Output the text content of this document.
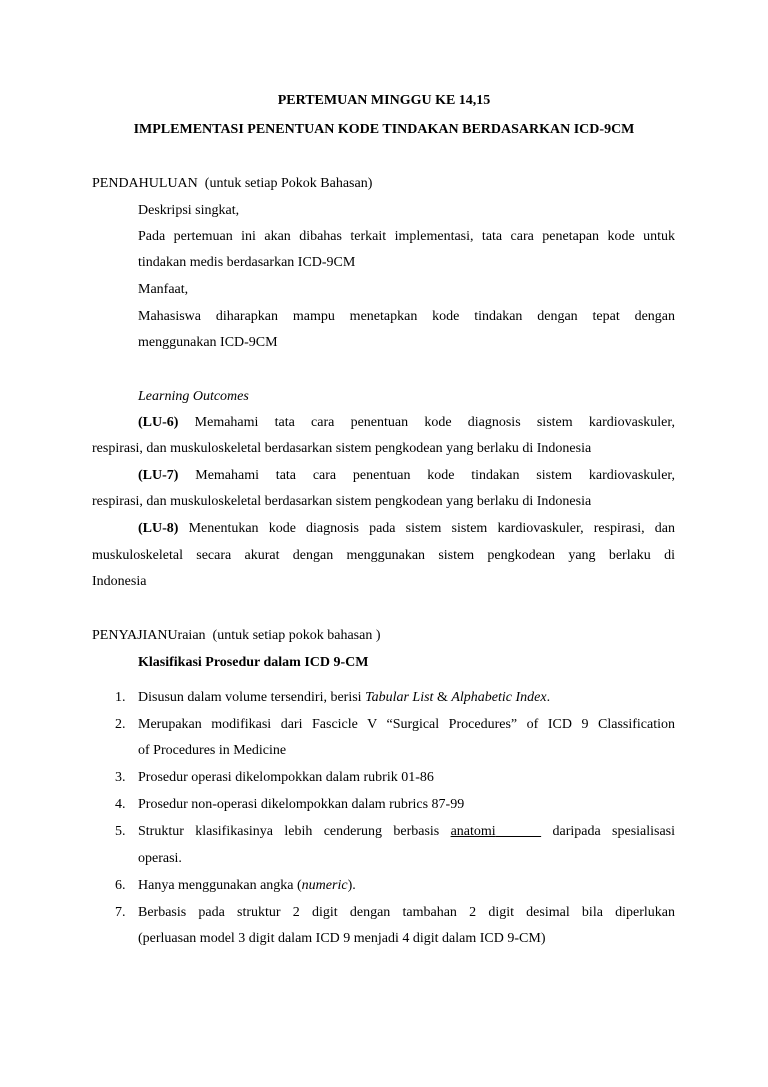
PERTEMUAN MINGGU KE 14,15
IMPLEMENTASI PENENTUAN KODE TINDAKAN BERDASARKAN ICD-9CM
PENDAHULUAN (untuk setiap Pokok Bahasan)
Deskripsi singkat,
Pada pertemuan ini akan dibahas terkait implementasi, tata cara penetapan kode untuk
tindakan medis berdasarkan ICD-9CM
Manfaat,
Mahasiswa diharapkan mampu menetapkan kode tindakan dengan tepat dengan
menggunakan ICD-9CM
Learning Outcomes
(LU-6) Memahami tata cara penentuan kode diagnosis sistem kardiovaskuler,
respirasi, dan muskuloskeletal berdasarkan sistem pengkodean yang berlaku di Indonesia
(LU-7) Memahami tata cara penentuan kode tindakan sistem kardiovaskuler,
respirasi, dan muskuloskeletal berdasarkan sistem pengkodean yang berlaku di Indonesia
(LU-8) Menentukan kode diagnosis pada sistem sistem kardiovaskuler, respirasi, dan
muskuloskeletal secara akurat dengan menggunakan sistem pengkodean yang berlaku di
Indonesia
PENYAJIANUraian (untuk setiap pokok bahasan )
Klasifikasi Prosedur dalam ICD 9-CM
1. Disusun dalam volume tersendiri, berisi Tabular List & Alphabetic Index.
2. Merupakan modifikasi dari Fascicle V “Surgical Procedures” of ICD 9 Classification
of Procedures in Medicine
3. Prosedur operasi dikelompokkan dalam rubrik 01-86
4. Prosedur non-operasi dikelompokkan dalam rubrics 87-99
5. Struktur klasifikasinya lebih cenderung berbasis anatomi	daripada spesialisasi
operasi.
6. Hanya menggunakan angka (numeric).
7. Berbasis pada struktur 2 digit dengan tambahan 2 digit desimal bila diperlukan
(perluasan model 3 digit dalam ICD 9 menjadi 4 digit dalam ICD 9-CM)
